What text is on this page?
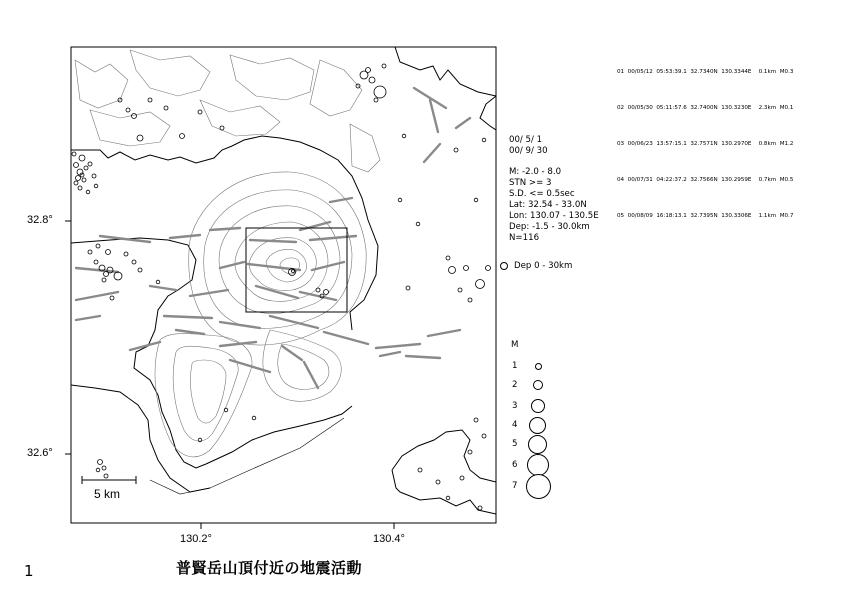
32.8°
32.6°
130.2°	130.4°
5 km

01  00/05/12  05:53:39.1  32.7340N  130.3344E    0.1km  M0.3

02  00/05/30  05:11:57.6  32.7400N  130.3230E    2.3km  M0.1

03  00/06/23  13:57:15.1  32.7571N  130.2970E    0.8km  M1.2

04  00/07/31  04:22:37.2  32.7566N  130.2959E    0.7km  M0.5

05  00/08/09  16:18:13.1  32.7395N  130.3306E    1.1km  M0.7

00/ 5/ 1
00/ 9/ 30
M: -2.0 - 8.0
STN >= 3
S.D. <= 0.5sec
Lat: 32.54 - 33.0N
Lon: 130.07 - 130.5E
Dep: -1.5 - 30.0km
N=116
Dep 0 - 30km
M
1
2
3
4
5
6
7
1	普賢岳山頂付近の地震活動
